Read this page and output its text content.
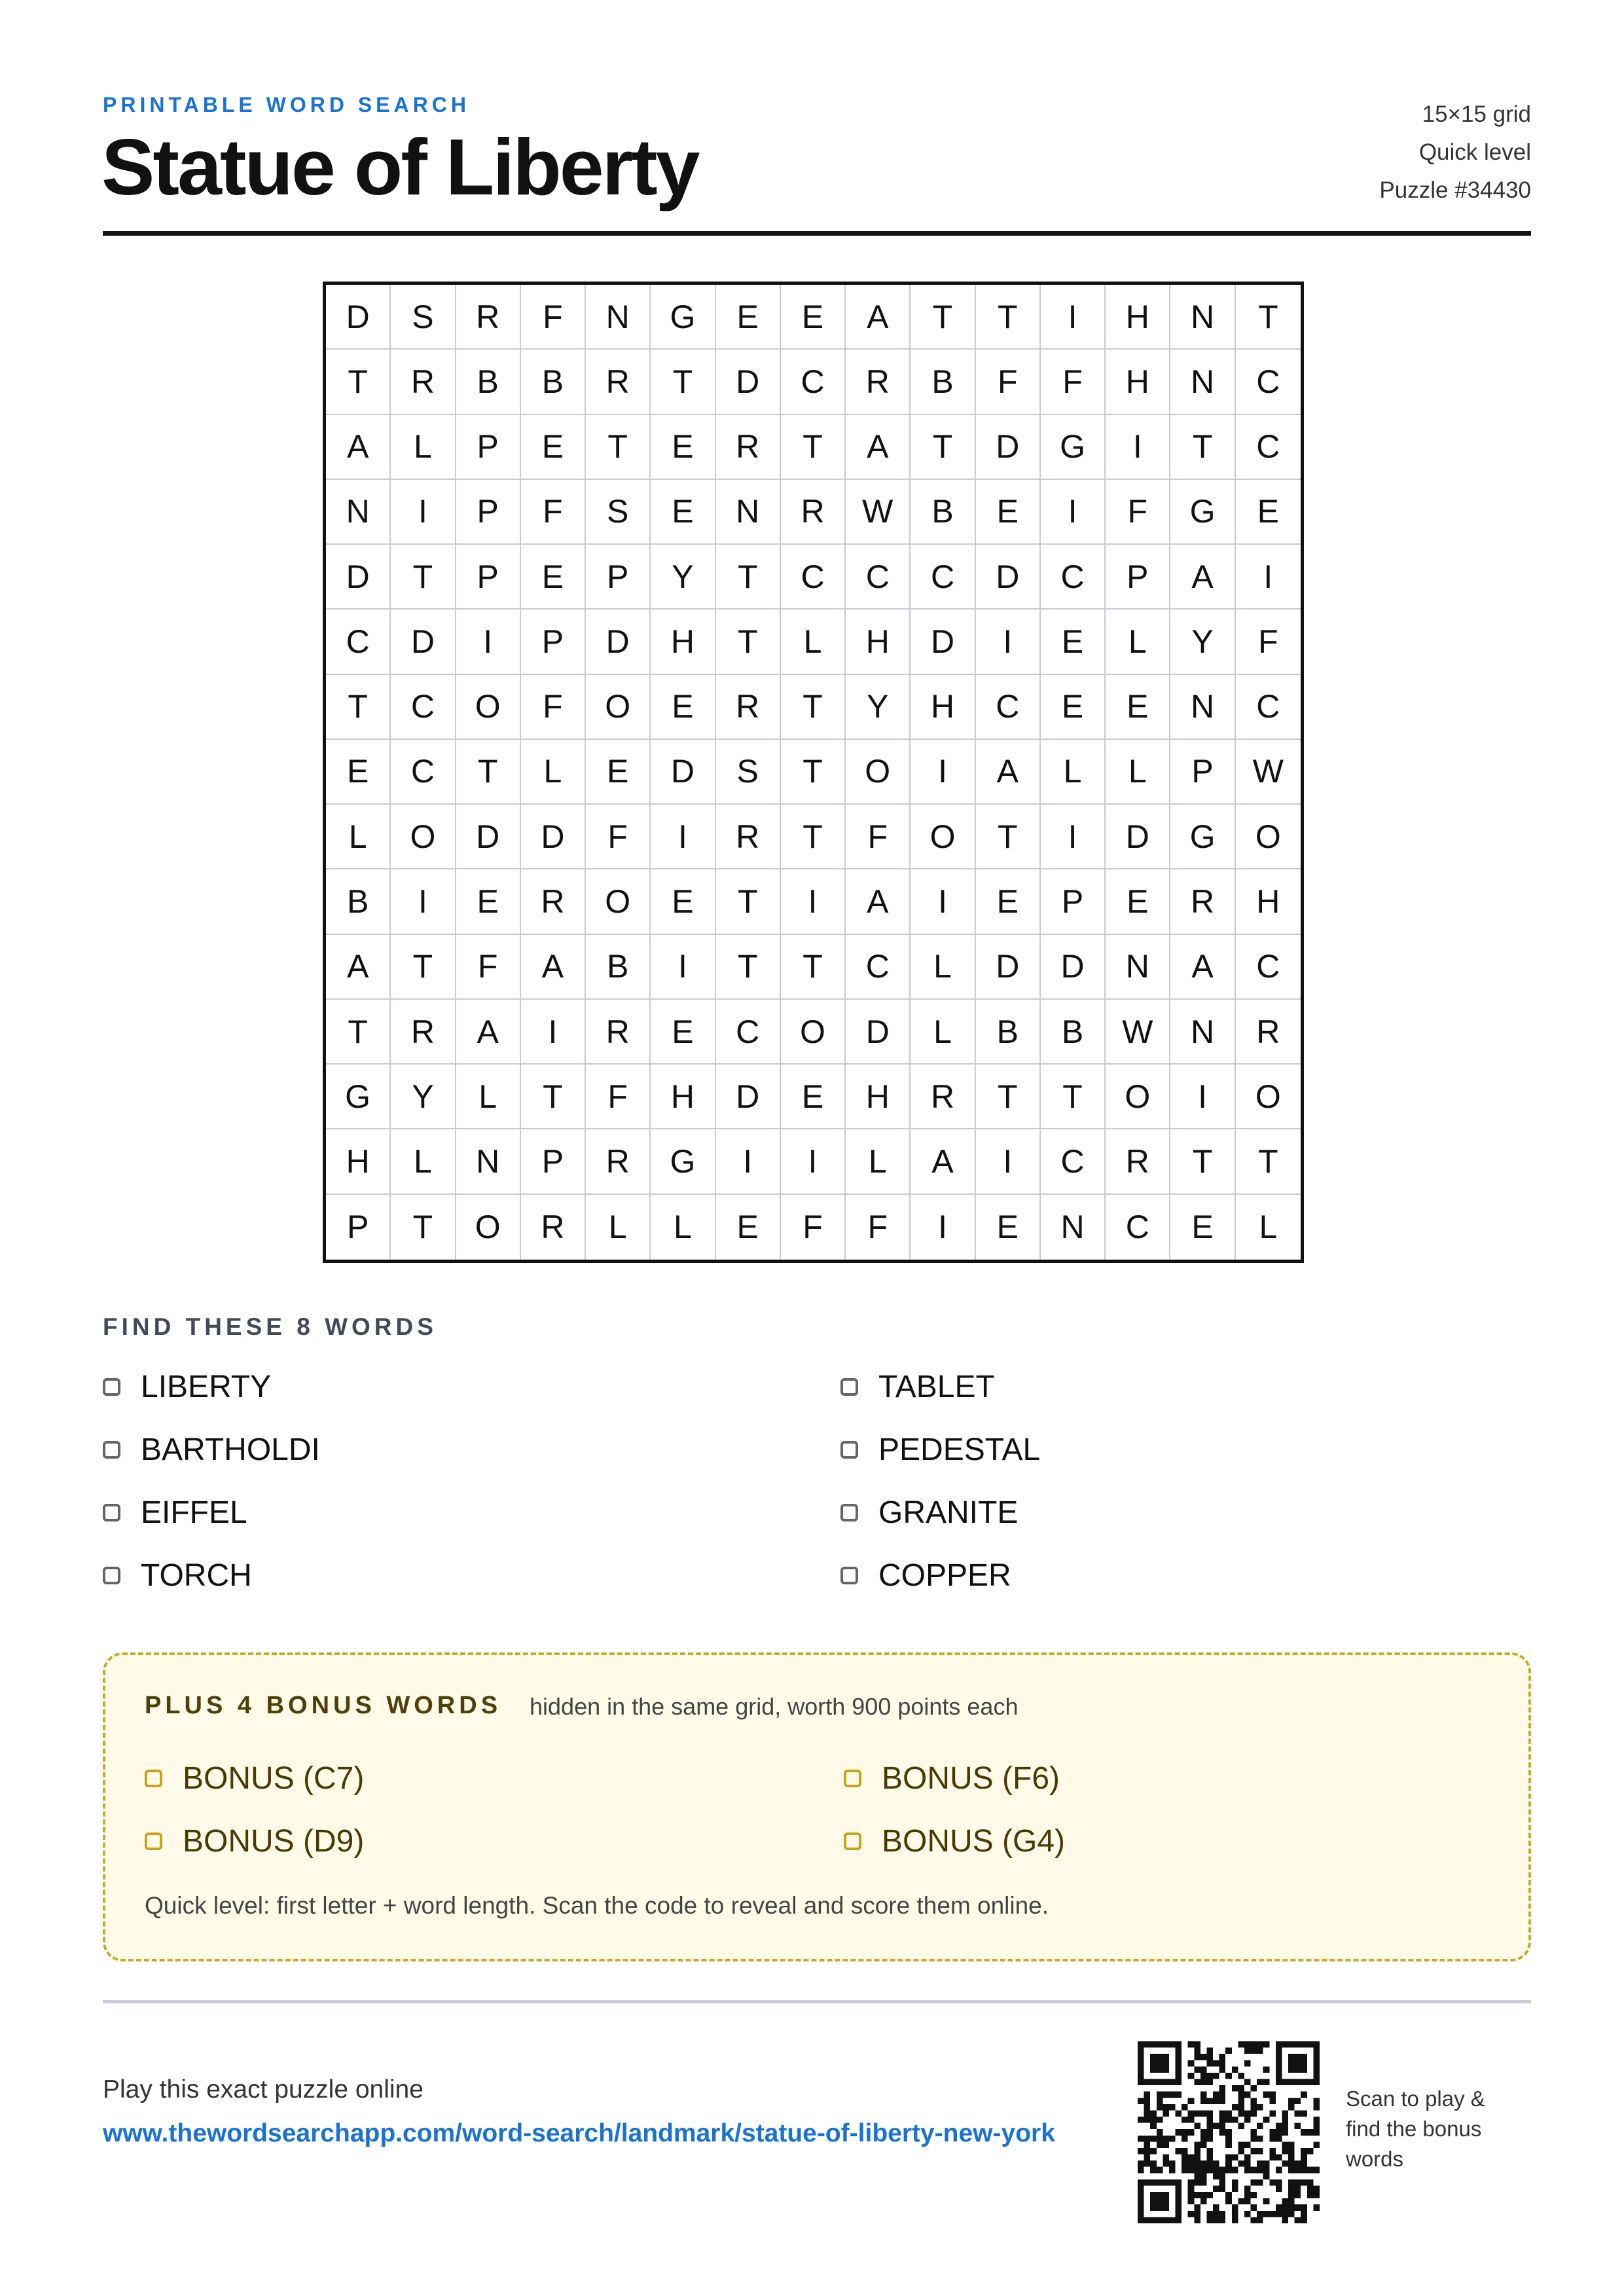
PRINTABLE WORD SEARCH
Statue of Liberty
15×15 grid
Quick level
Puzzle #34430
D	S	R	F	N	G	E	E	A	T	T	I	H	N	T
T	R	B	B	R	T	D	C	R	B	F	F	H	N	C
A	L	P	E	T	E	R	T	A	T	D	G	I	T	C
N	I	P	F	S	E	N	R	W	B	E	I	F	G	E
D	T	P	E	P	Y	T	C	C	C	D	C	P	A	I
C	D	I	P	D	H	T	L	H	D	I	E	L	Y	F
T	C	O	F	O	E	R	T	Y	H	C	E	E	N	C
E	C	T	L	E	D	S	T	O	I	A	L	L	P	W
L	O	D	D	F	I	R	T	F	O	T	I	D	G	O
B	I	E	R	O	E	T	I	A	I	E	P	E	R	H
A	T	F	A	B	I	T	T	C	L	D	D	N	A	C
T	R	A	I	R	E	C	O	D	L	B	B	W	N	R
G	Y	L	T	F	H	D	E	H	R	T	T	O	I	O
H	L	N	P	R	G	I	I	L	A	I	C	R	T	T
P	T	O	R	L	L	E	F	F	I	E	N	C	E	L
FIND THESE 8 WORDS
LIBERTY
BARTHOLDI
EIFFEL
TORCH
TABLET
PEDESTAL
GRANITE
COPPER
PLUS 4 BONUS WORDS hidden in the same grid, worth 900 points each
BONUS (C7)
BONUS (D9)
BONUS (F6)
BONUS (G4)
Quick level: first letter + word length. Scan the code to reveal and score them online.
Play this exact puzzle online
www.thewordsearchapp.com/word-search/landmark/statue-of-liberty-new-york
Scan to play & find the bonus words
